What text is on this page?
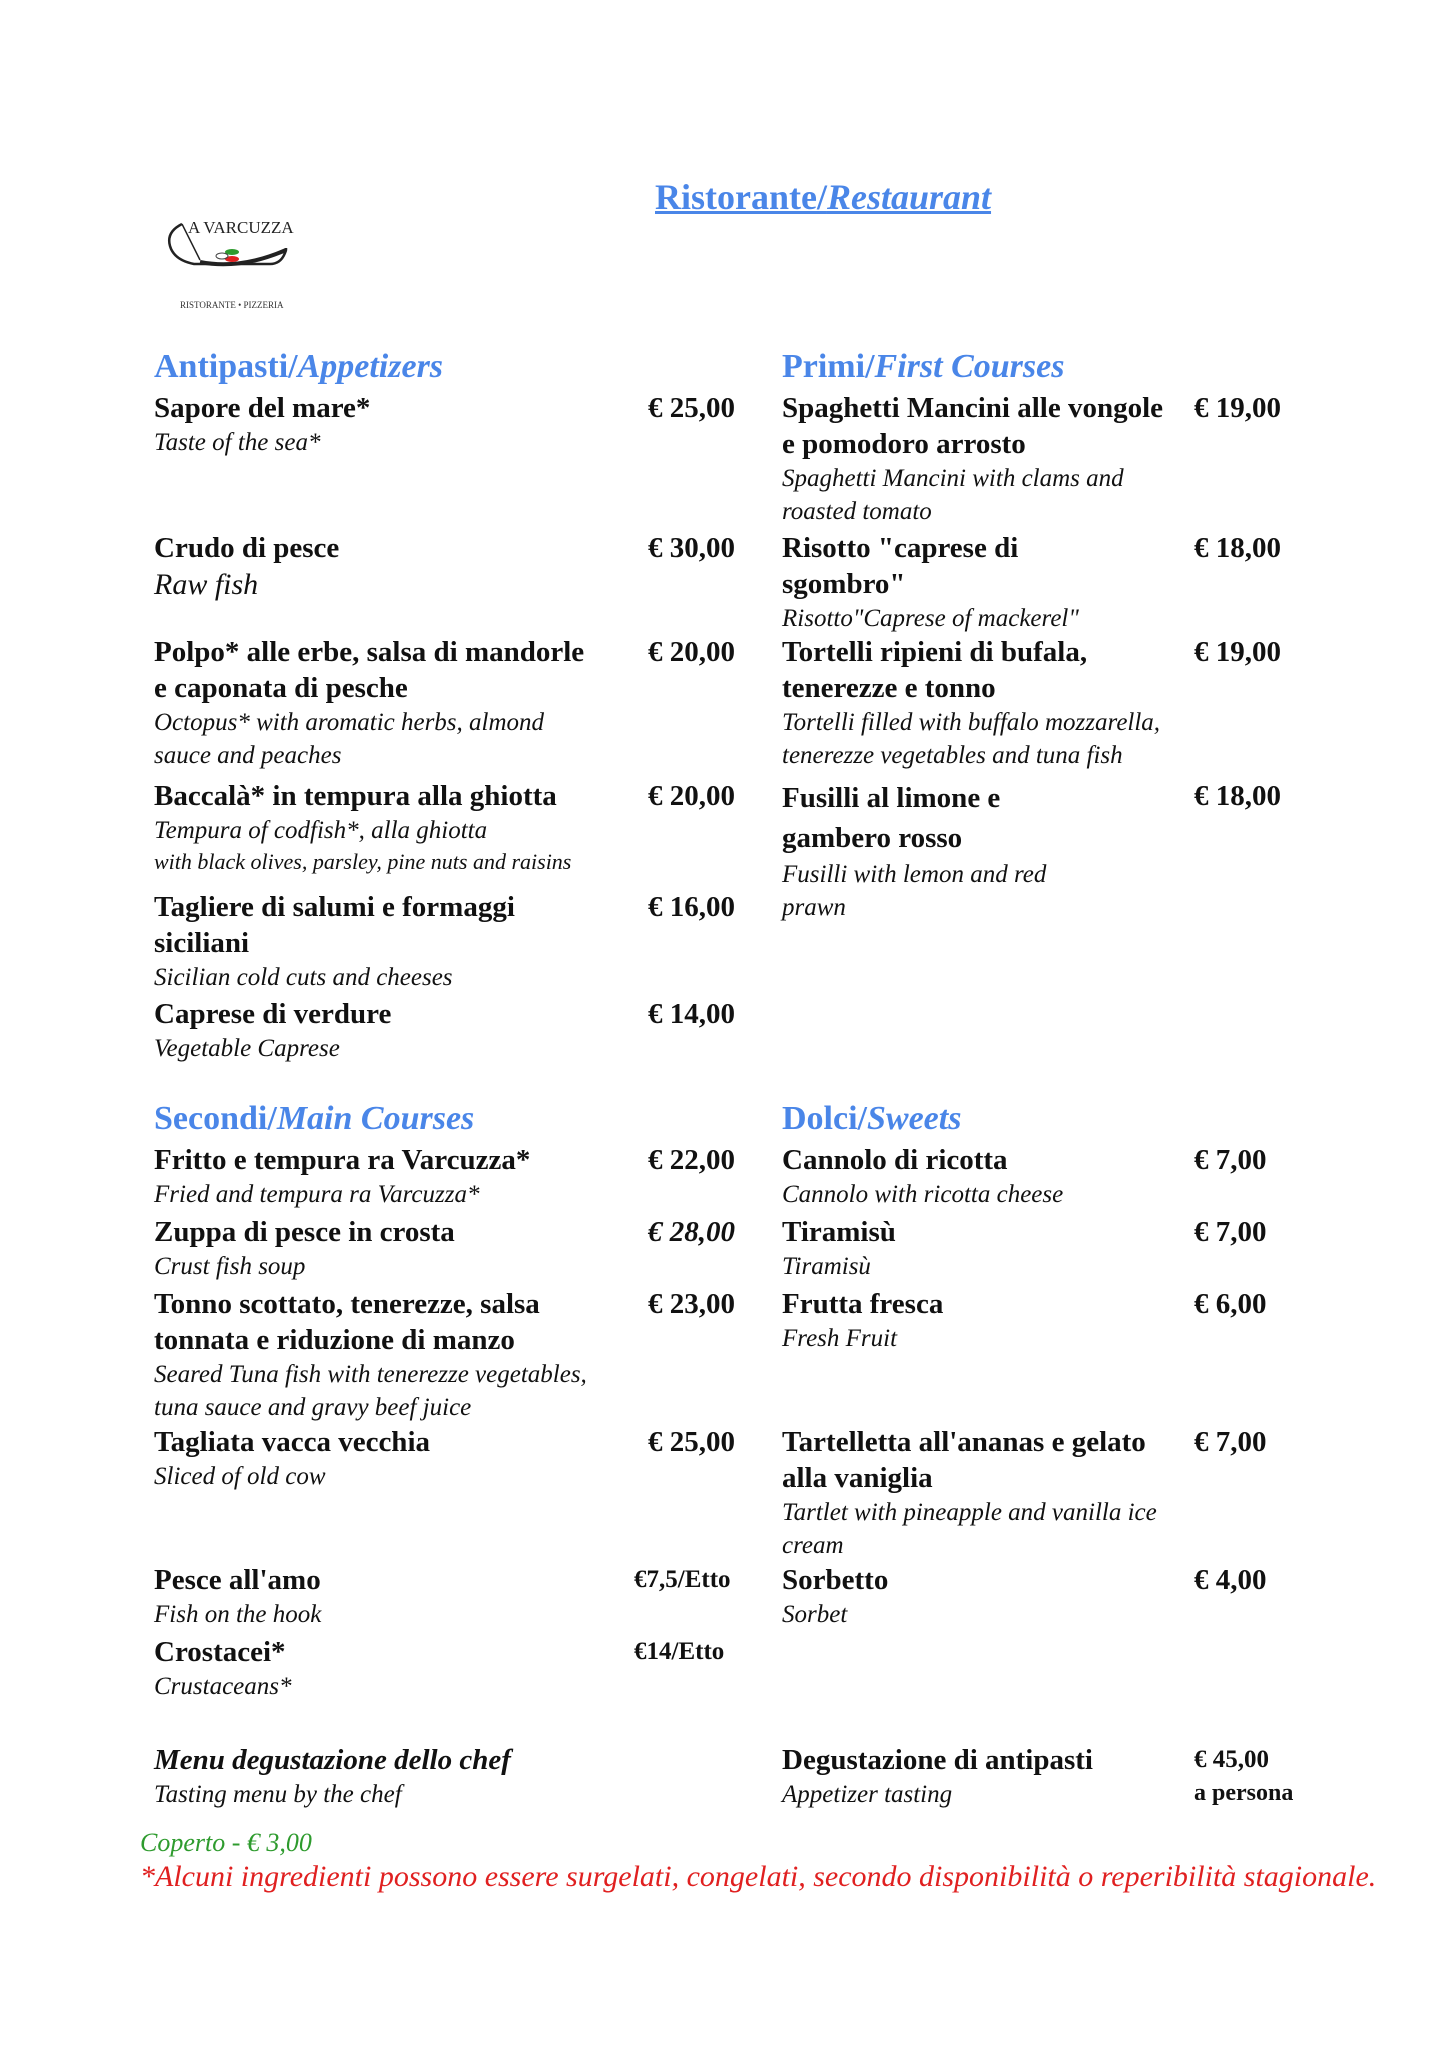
Ristorante/Restaurant
A VARCUZZA
RISTORANTE • PIZZERIA
Antipasti/Appetizers
Sapore del mare*
Taste of the sea*
€ 25,00
Crudo di pesce
Raw fish
€ 30,00
Polpo* alle erbe, salsa di mandorle e caponata di pesche
Octopus* with aromatic herbs, almond sauce and peaches
€ 20,00
Baccalà* in tempura alla ghiotta
Tempura of codfish*, alla ghiotta
with black olives, parsley, pine nuts and raisins
€ 20,00
Tagliere di salumi e formaggi siciliani
Sicilian cold cuts and cheeses
€ 16,00
Caprese di verdure
Vegetable Caprese
€ 14,00
Primi/First Courses
Spaghetti Mancini alle vongole e pomodoro arrosto
Spaghetti Mancini with clams and roasted tomato
€ 19,00
Risotto "caprese di sgombro"
Risotto"Caprese of mackerel"
€ 18,00
Tortelli ripieni di bufala, tenerezze e tonno
Tortelli filled with buffalo mozzarella, tenerezze vegetables and tuna fish
€ 19,00
Fusilli al limone e gambero rosso
Fusilli with lemon and red prawn
€ 18,00
Secondi/Main Courses
Fritto e tempura ra Varcuzza*
Fried and tempura ra Varcuzza*
€ 22,00
Zuppa di pesce in crosta
Crust fish soup
€ 28,00
Tonno scottato, tenerezze, salsa tonnata e riduzione di manzo
Seared Tuna fish with tenerezze vegetables, tuna sauce and gravy beef juice
€ 23,00
Tagliata vacca vecchia
Sliced of old cow
€ 25,00
Pesce all'amo
Fish on the hook
€7,5/Etto
Crostacei*
Crustaceans*
€14/Etto
Dolci/Sweets
Cannolo di ricotta
Cannolo with ricotta cheese
€ 7,00
Tiramisù
Tiramisù
€ 7,00
Frutta fresca
Fresh Fruit
€ 6,00
Tartelletta all'ananas e gelato alla vaniglia
Tartlet with pineapple and vanilla ice cream
€ 7,00
Sorbetto
Sorbet
€ 4,00
Menu degustazione dello chef
Tasting menu by the chef
Degustazione di antipasti
Appetizer tasting
€ 45,00
a persona
Coperto - € 3,00
*Alcuni ingredienti possono essere surgelati, congelati, secondo disponibilità o reperibilità stagionale.
